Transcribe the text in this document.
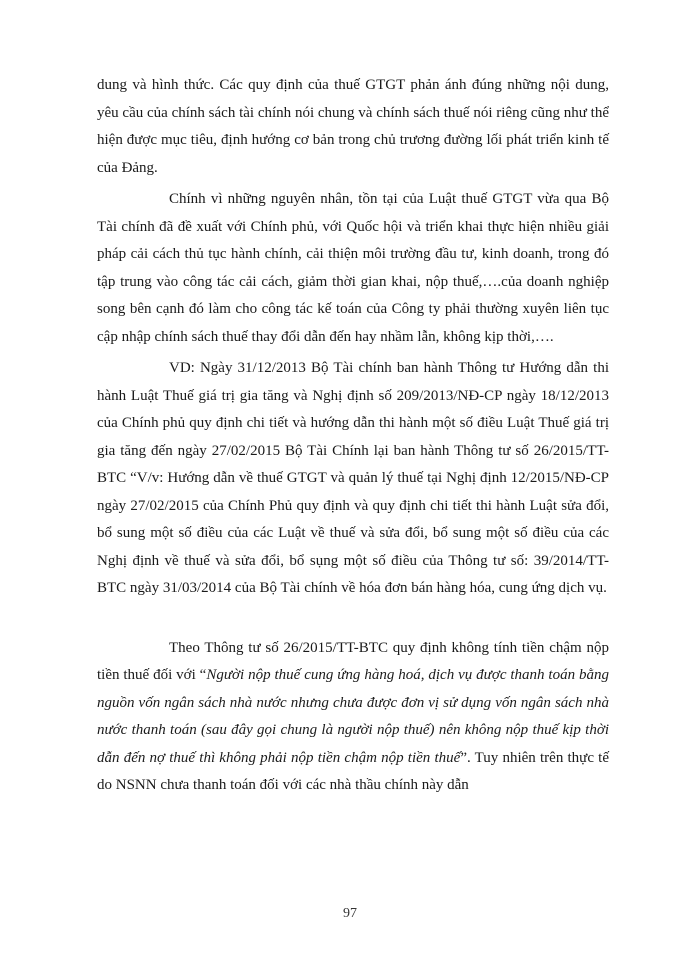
dung và hình thức. Các quy định của thuế GTGT phản ánh đúng những nội dung, yêu cầu của chính sách tài chính nói chung và chính sách thuế nói riêng cũng như thể hiện được mục tiêu, định hướng cơ bản trong chủ trương đường lối phát triển kinh tế của Đảng.

Chính vì những nguyên nhân, tồn tại của Luật thuế GTGT vừa qua Bộ Tài chính đã đề xuất với Chính phủ, với Quốc hội và triển khai thực hiện nhiều giải pháp cải cách thủ tục hành chính, cải thiện môi trường đầu tư, kinh doanh, trong đó tập trung vào công tác cải cách, giảm thời gian khai, nộp thuế,….của doanh nghiệp song bên cạnh đó làm cho công tác kế toán của Công ty phải thường xuyên liên tục cập nhập chính sách thuế thay đổi dẫn đến hay nhầm lẫn, không kịp thời,….

VD: Ngày 31/12/2013 Bộ Tài chính ban hành Thông tư Hướng dẫn thi hành Luật Thuế giá trị gia tăng và Nghị định số 209/2013/NĐ-CP ngày 18/12/2013 của Chính phủ quy định chi tiết và hướng dẫn thi hành một số điều Luật Thuế giá trị gia tăng đến ngày 27/02/2015 Bộ Tài Chính lại ban hành Thông tư số 26/2015/TT-BTC “V/v: Hướng dẫn về thuế GTGT và quản lý thuế tại Nghị định 12/2015/NĐ-CP ngày 27/02/2015 của Chính Phủ quy định và quy định chi tiết thi hành Luật sửa đổi, bổ sung một số điều của các Luật về thuế và sửa đổi, bổ sung một số điều của các Nghị định về thuế và sửa đổi, bổ sụng một số điều của Thông tư số: 39/2014/TT-BTC ngày 31/03/2014 của Bộ Tài chính về hóa đơn bán hàng hóa, cung ứng dịch vụ.

Theo Thông tư số 26/2015/TT-BTC quy định không tính tiền chậm nộp tiền thuế đối với “Người nộp thuế cung ứng hàng hoá, dịch vụ được thanh toán bằng nguồn vốn ngân sách nhà nước nhưng chưa được đơn vị sử dụng vốn ngân sách nhà nước thanh toán (sau đây gọi chung là người nộp thuế) nên không nộp thuế kịp thời dẫn đến nợ thuế thì không phải nộp tiền chậm nộp tiền thuế”. Tuy nhiên trên thực tế do NSNN chưa thanh toán đối với các nhà thầu chính này dẫn

97
